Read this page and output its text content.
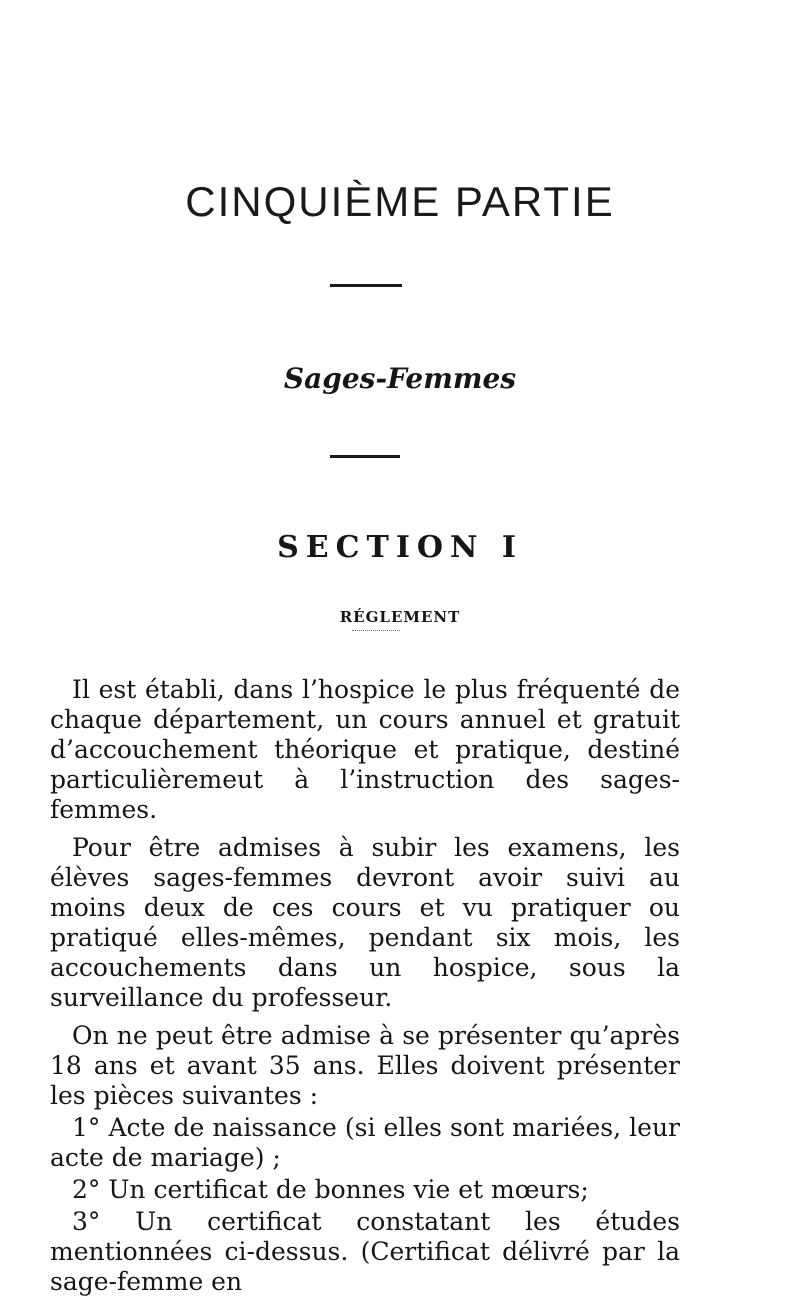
CINQUIÈME PARTIE
Sages-Femmes
SECTION I
RÉGLEMENT

Il est établi, dans l’hospice le plus fréquenté de chaque département, un cours annuel et gratuit d’accouchement théorique et pratique, destiné particulièremeut à l’instruction des sages-femmes.

Pour être admises à subir les examens, les élèves sages-femmes devront avoir suivi au moins deux de ces cours et vu pratiquer ou pratiqué elles-mêmes, pendant six mois, les accouchements dans un hospice, sous la surveillance du professeur.

On ne peut être admise à se présenter qu’après 18 ans et avant 35 ans. Elles doivent présenter les pièces suivantes :

1° Acte de naissance (si elles sont mariées, leur acte de mariage) ;

2° Un certificat de bonnes vie et mœurs;

3° Un certificat constatant les études mentionnées ci-dessus. (Certificat délivré par la sage-femme en
